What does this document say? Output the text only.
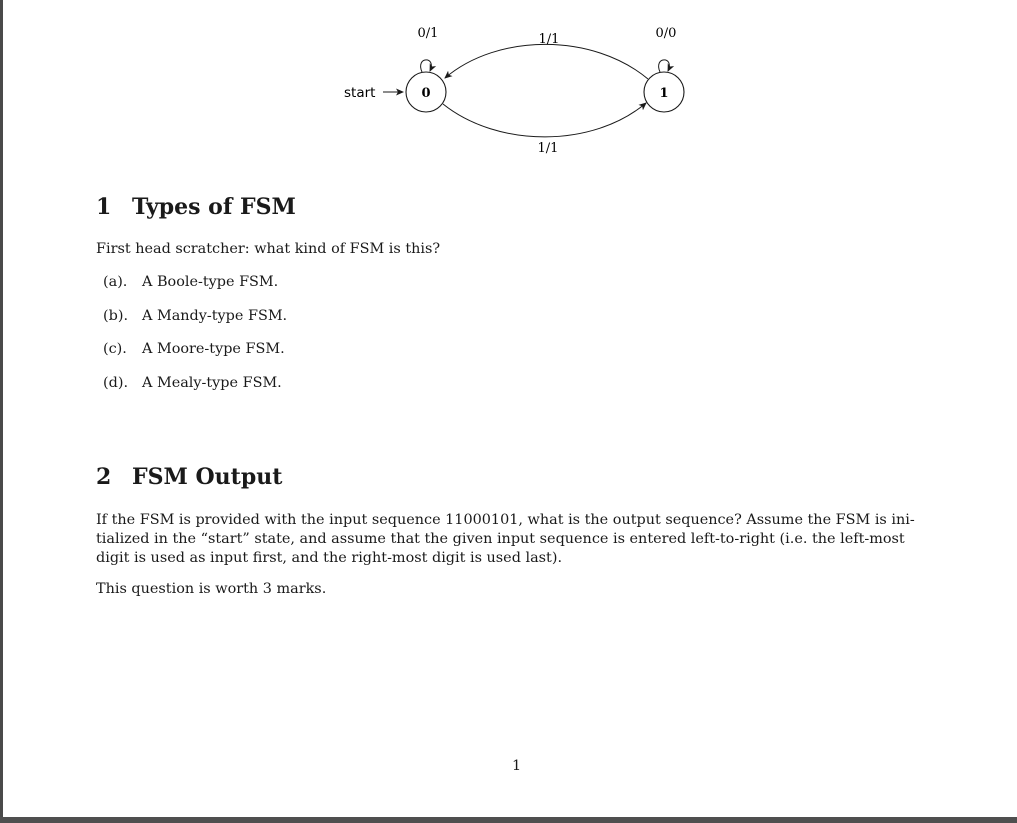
start	0	1
0/1	0/0
1/1
1/1
1 Types of FSM

First head scratcher: what kind of FSM is this?

(a). A Boole-type FSM.
(b). A Mandy-type FSM.
(c). A Moore-type FSM.
(d). A Mealy-type FSM.
2 FSM Output

If the FSM is provided with the input sequence 11000101, what is the output sequence? Assume the FSM is ini-
tialized in the “start” state, and assume that the given input sequence is entered left-to-right (i.e. the left-most
digit is used as input first, and the right-most digit is used last).

This question is worth 3 marks.

1
